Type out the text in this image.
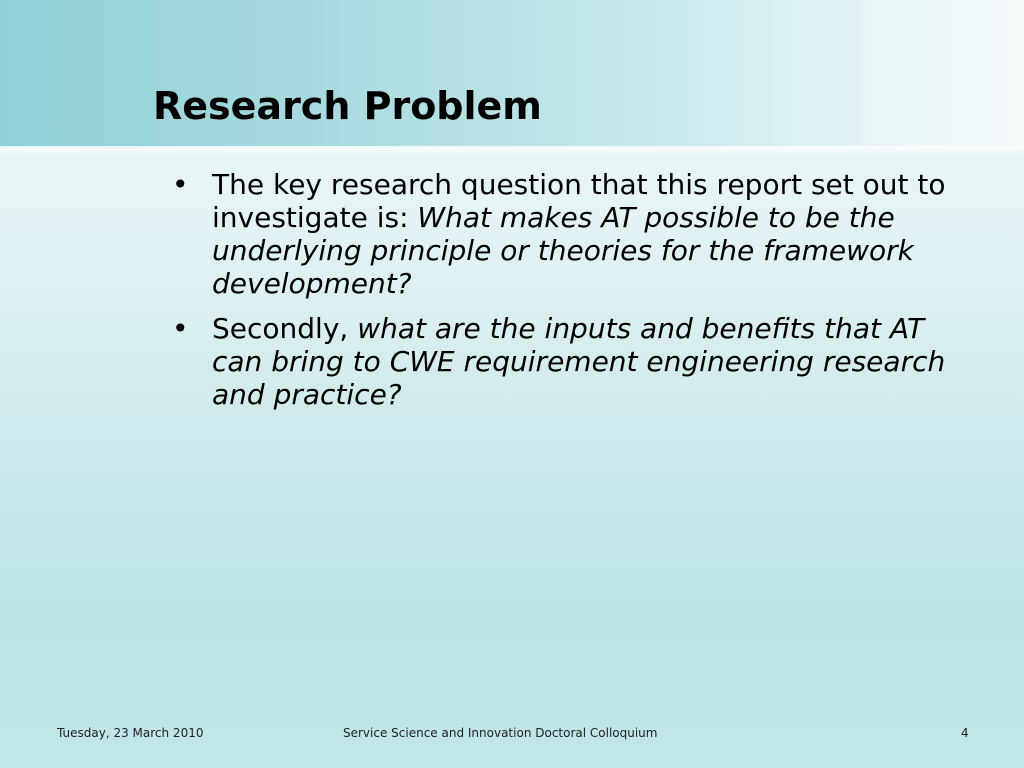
Research Problem
• The key research question that this report set out to investigate is: What makes AT possible to be the underlying principle or theories for the framework development?
• Secondly, what are the inputs and benefits that AT can bring to CWE requirement engineering research and practice?
Tuesday, 23 March 2010	Service Science and Innovation Doctoral Colloquium	4
